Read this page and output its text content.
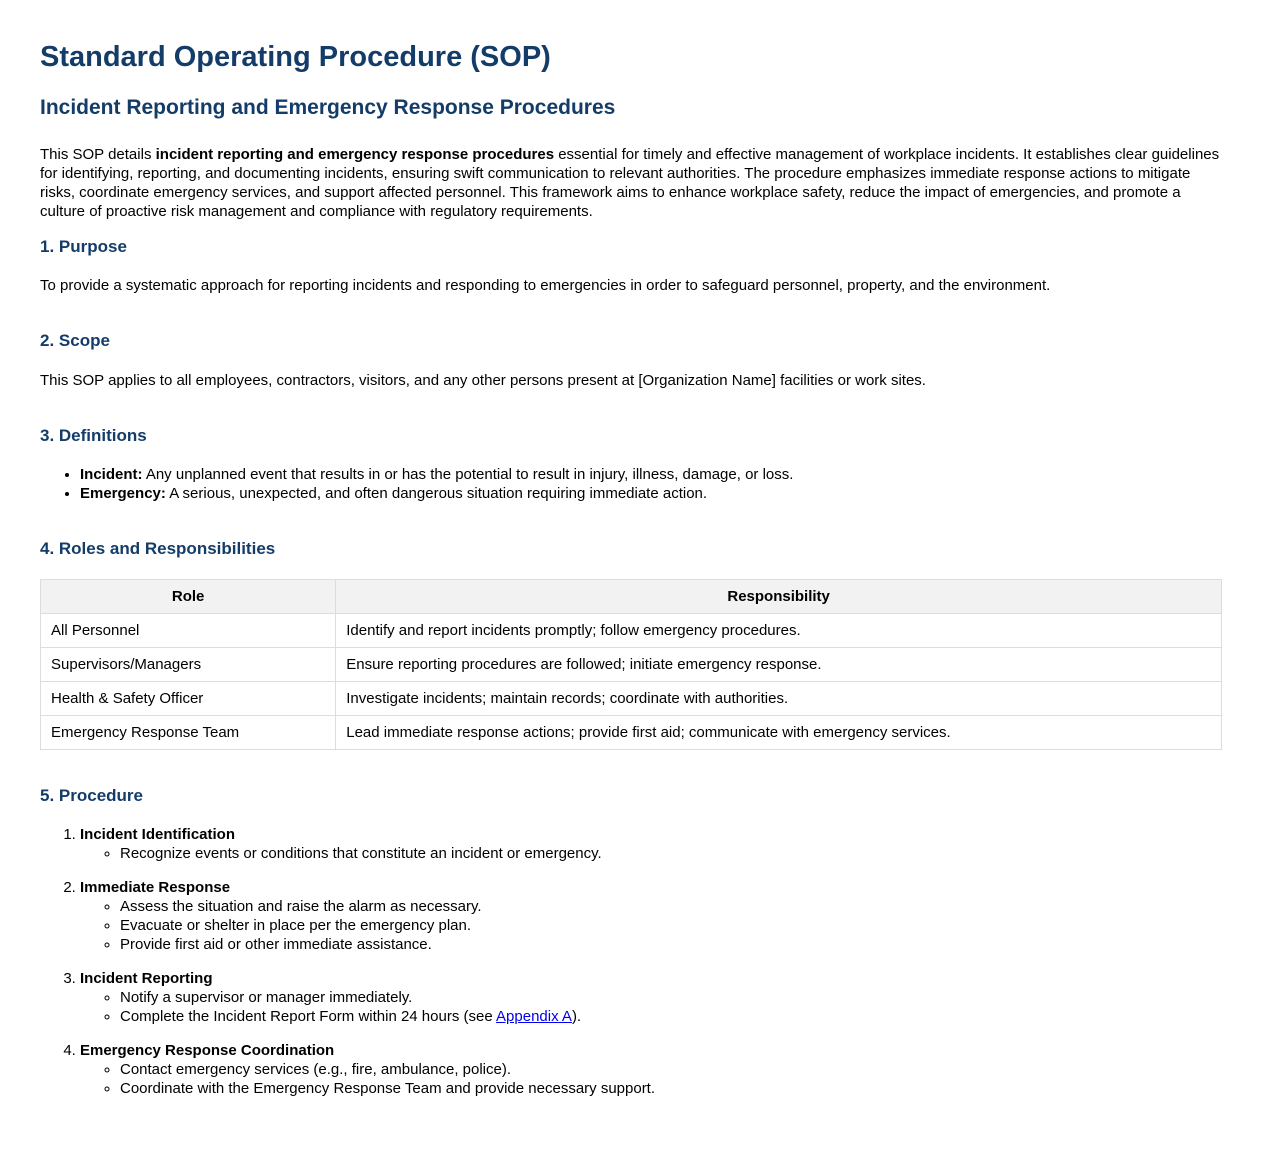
Standard Operating Procedure (SOP)
Incident Reporting and Emergency Response Procedures

This SOP details incident reporting and emergency response procedures essential for timely and effective management of workplace incidents. It establishes clear guidelines for identifying, reporting, and documenting incidents, ensuring swift communication to relevant authorities. The procedure emphasizes immediate response actions to mitigate risks, coordinate emergency services, and support affected personnel. This framework aims to enhance workplace safety, reduce the impact of emergencies, and promote a culture of proactive risk management and compliance with regulatory requirements.

1. Purpose

To provide a systematic approach for reporting incidents and responding to emergencies in order to safeguard personnel, property, and the environment.

2. Scope

This SOP applies to all employees, contractors, visitors, and any other persons present at [Organization Name] facilities or work sites.

3. Definitions
• Incident: Any unplanned event that results in or has the potential to result in injury, illness, damage, or loss.
• Emergency: A serious, unexpected, and often dangerous situation requiring immediate action.
4. Roles and Responsibilities
Role	Responsibility
All Personnel	Identify and report incidents promptly; follow emergency procedures.
Supervisors/Managers	Ensure reporting procedures are followed; initiate emergency response.
Health & Safety Officer	Investigate incidents; maintain records; coordinate with authorities.
Emergency Response Team	Lead immediate response actions; provide first aid; communicate with emergency services.
5. Procedure
1. Incident Identification
◦ Recognize events or conditions that constitute an incident or emergency.
2. Immediate Response
◦ Assess the situation and raise the alarm as necessary.
◦ Evacuate or shelter in place per the emergency plan.
◦ Provide first aid or other immediate assistance.
3. Incident Reporting
◦ Notify a supervisor or manager immediately.
◦ Complete the Incident Report Form within 24 hours (see Appendix A).
4. Emergency Response Coordination
◦ Contact emergency services (e.g., fire, ambulance, police).
◦ Coordinate with the Emergency Response Team and provide necessary support.
